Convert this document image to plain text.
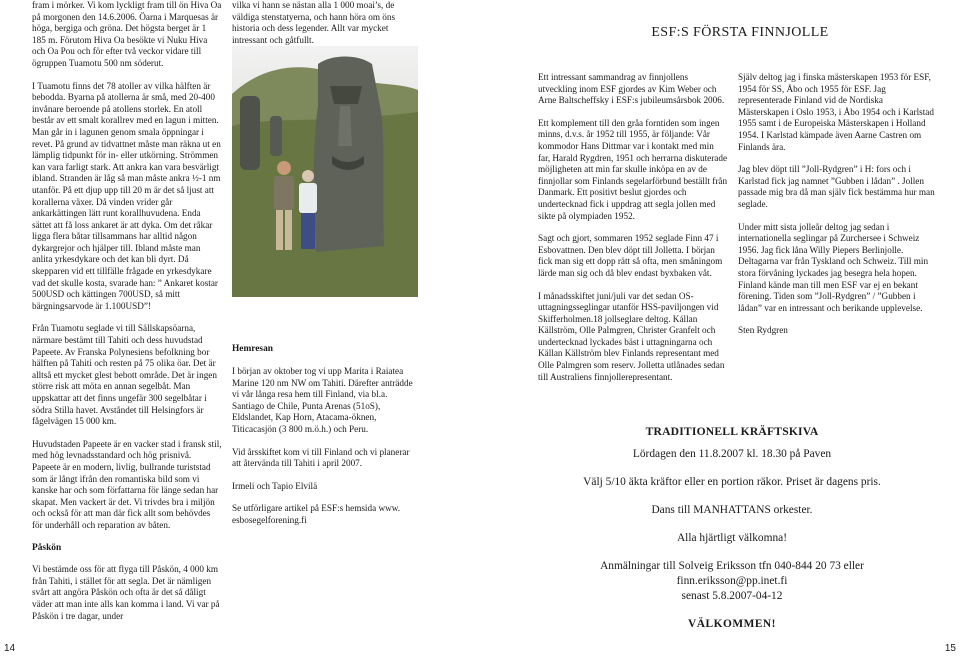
fram i mörker. Vi kom lyckligt fram till ön Hiva Oa på morgonen den 14.6.2006. Öarna i Marquesas är höga, bergiga och gröna. Det högsta berget är 1 185 m. Förutom Hiva Oa besökte vi Nuku Hiva och Oa Pou och för efter två veckor vidare till ögruppen Tuamotu 500 nm söderut.

I Tuamotu finns det 78 atoller av vilka hälften är bebodda. Byarna på atollerna är små, med 20-400 invånare beroende på atollens storlek. En atoll består av ett smalt korallrev med en lagun i mitten. Man går in i lagunen genom smala öppningar i revet. På grund av tidvattnet måste man räkna ut en lämplig tidpunkt för in- eller utkörning. Strömmen kan vara farligt stark. Att ankra kan vara besvärligt ibland. Stranden är låg så man måste ankra ½-1 nm utanför. På ett djup upp till 20 m är det så ljust att korallerna växer. Då vinden vrider går ankarkättingen lätt runt korallhuvudena. Enda sättet att få loss ankaret är att dyka. Om det råkar ligga flera båtar tillsammans har alltid någon dykargrejor och hjälper till. Ibland måste man anlita yrkesdykare och det kan bli dyrt. Då skepparen vid ett tillfälle frågade en yrkesdykare vad det skulle kosta, svarade han: ” Ankaret kostar 500USD och kättingen 700USD, så mitt bärgningsarvode är 1.100USD”!

Från Tuamotu seglade vi till Sällskapsöarna, närmare bestämt till Tahiti och dess huvudstad Papeete. Av Franska Polynesiens befolkning bor hälften på Tahiti och resten på 75 olika öar. Det är alltså ett mycket glest bebott område. Det är ingen större risk att möta en annan segelbåt. Man uppskattar att det finns ungefär 300 segelbåtar i södra Stilla havet. Avståndet till Helsingfors är fågelvägen 15 000 km.

Huvudstaden Papeete är en vacker stad i fransk stil, med hög levnadsstandard och hög prisnivå. Papeete är en modern, livlig, bullrande turiststad som är långt ifrån den romantiska bild som vi kanske har och som författarna för länge sedan har skapat. Men vackert är det. Vi trivdes bra i miljön och också för att man där fick allt som behövdes för underhåll och reparation av båten.

Påskön

Vi bestämde oss för att flyga till Påskön, 4 000 km från Tahiti, i stället för att segla. Det är nämligen svårt att angöra Påskön och ofta är det så dåligt väder att man inte alls kan komma i land. Vi var på Påskön i tre dagar, under

vilka vi hann se nästan alla 1 000 moai’s, de väldiga stenstatyerna, och hann höra om öns historia och dess legender. Allt var mycket intressant och gåtfullt.

Hemresan

I början av oktober tog vi upp Marita i Raiatea Marine 120 nm NW om Tahiti. Därefter anträdde vi vår långa resa hem till Finland, via bl.a. Santiago de Chile, Punta Arenas (51oS), Eldslandet, Kap Horn, Atacama-öknen, Titicacasjön (3 800 m.ö.h.) och Peru.

Vid årsskiftet kom vi till Finland och vi planerar att återvända till Tahiti i april 2007.

Irmeli och Tapio Elvilä

Se utförligare artikel på ESF:s hemsida www. esbosegelforening.fi

14
ESF:S FÖRSTA FINNJOLLE

Ett intressant sammandrag av finnjollens utveckling inom ESF gjordes av Kim Weber och Arne Baltscheffsky i ESF:s jubileumsårsbok 2006.

Ett komplement till den gråa forntiden som ingen minns, d.v.s. år 1952 till 1955, är följande: Vår kommodor Hans Dittmar var i kontakt med min far, Harald Rygdren, 1951 och herrarna diskuterade möjligheten att min far skulle inköpa en av de finnjollar som Finlands segelarförbund beställt från Danmark. Ett positivt beslut gjordes och undertecknad fick i uppdrag att segla jollen med sikte på olympiaden 1952.

Sagt och gjort, sommaren 1952 seglade Finn 47 i Esbovattnen. Den blev döpt till Jolletta. I början fick man sig ett dopp rätt så ofta, men småningom lärde man sig och då blev endast byxbaken våt.

I månadsskiftet juni/juli var det sedan OS-uttagningsseglingar utanför HSS-paviljongen vid Skifferholmen.18 jollseglare deltog. Kállan Källström, Olle Palmgren, Christer Granfelt och undertecknad lyckades bäst i uttagningarna och Källan Källström blev Finlands representant med Olle Palmgren som reserv. Jolletta utlånades sedan till Australiens finnjollerepresentant.

Själv deltog jag i finska mästerskapen 1953 för ESF, 1954 för SS, Åbo och 1955 för ESF. Jag representerade Finland vid de Nordiska Mästerskapen i Oslo 1953, i Åbo 1954 och i Karlstad 1955 samt i de Europeiska Mästerskapen i Holland 1954. I Karlstad kämpade även Aarne Castren om Finlands ära.

Jag blev döpt till ”Joll-Rydgren” i H: fors och i Karlstad fick jag namnet ”Gubben i lådan” . Jollen passade mig bra då man själv fick bestämma hur man seglade.

Under mitt sista jolleår deltog jag sedan i internationella seglingar på Zurchersee i Schweiz 1956. Jag fick låna Willy Piepers Berlinjolle. Deltagarna var från Tyskland och Schweiz. Till min stora förvåning lyckades jag besegra hela hopen. Finland kände man till men ESF var ej en bekant förening. Tiden som ”Joll-Rydgren” / ”Gubben i lådan” var en intressant och berikande upplevelse.

Sten Rydgren

TRADITIONELL KRÄFTSKIVA
Lördagen den 11.8.2007 kl. 18.30 på Paven
Välj 5/10 äkta kräftor eller en portion räkor. Priset är dagens pris.
Dans till MANHATTANS orkester.
Alla hjärtligt välkomna!
Anmälningar till Solveig Eriksson tfn 040-844 20 73 eller finn.eriksson@pp.inet.fi
senast 5.8.2007-04-12
VÄLKOMMEN!
15
